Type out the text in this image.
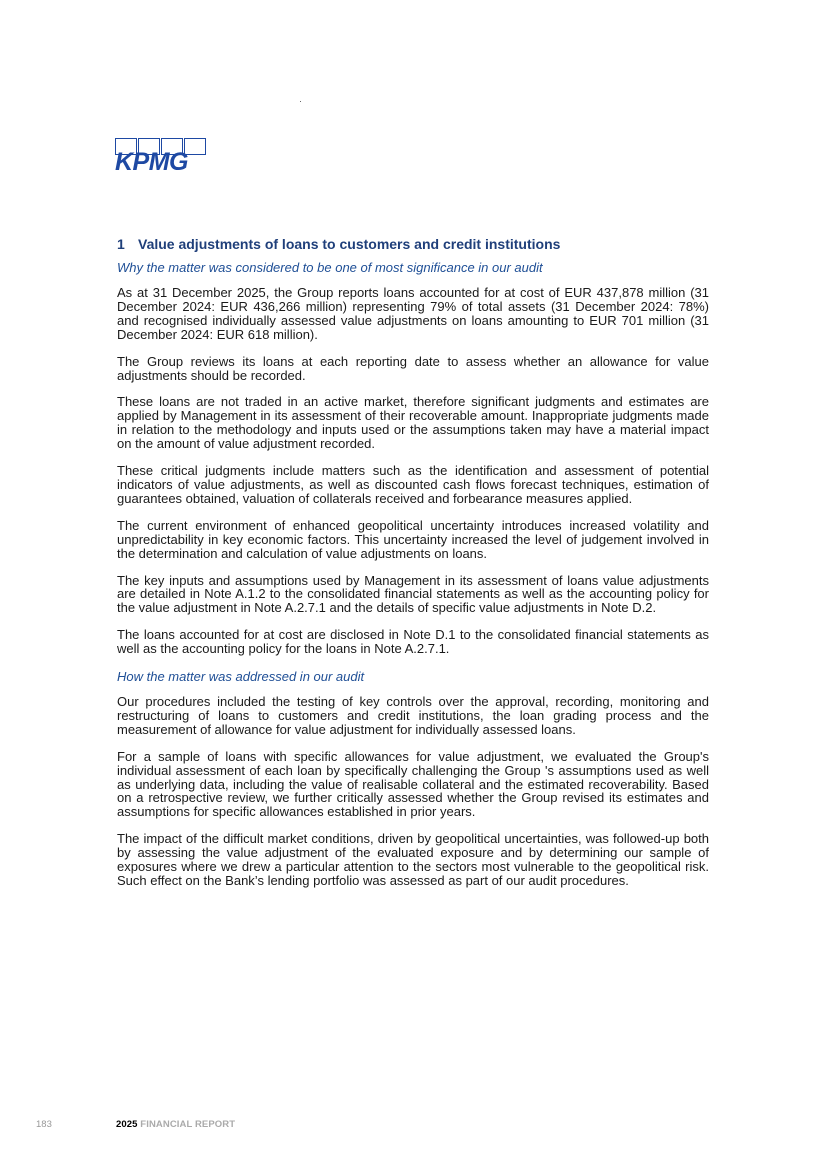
KPMG
1 Value adjustments of loans to customers and credit institutions
Why the matter was considered to be one of most significance in our audit

As at 31 December 2025, the Group reports loans accounted for at cost of EUR 437,878 million (31 December 2024: EUR 436,266 million) representing 79% of total assets (31 December 2024: 78%) and recognised individually assessed value adjustments on loans amounting to EUR 701 million (31 December 2024: EUR 618 million).

The Group reviews its loans at each reporting date to assess whether an allowance for value adjustments should be recorded.

These loans are not traded in an active market, therefore significant judgments and estimates are applied by Management in its assessment of their recoverable amount. Inappropriate judgments made in relation to the methodology and inputs used or the assumptions taken may have a material impact on the amount of value adjustment recorded.

These critical judgments include matters such as the identification and assessment of potential indicators of value adjustments, as well as discounted cash flows forecast techniques, estimation of guarantees obtained, valuation of collaterals received and forbearance measures applied.

The current environment of enhanced geopolitical uncertainty introduces increased volatility and unpredictability in key economic factors. This uncertainty increased the level of judgement involved in the determination and calculation of value adjustments on loans.

The key inputs and assumptions used by Management in its assessment of loans value adjustments are detailed in Note A.1.2 to the consolidated financial statements as well as the accounting policy for the value adjustment in Note A.2.7.1 and the details of specific value adjustments in Note D.2.

The loans accounted for at cost are disclosed in Note D.1 to the consolidated financial statements as well as the accounting policy for the loans in Note A.2.7.1.

How the matter was addressed in our audit

Our procedures included the testing of key controls over the approval, recording, monitoring and restructuring of loans to customers and credit institutions, the loan grading process and the measurement of allowance for value adjustment for individually assessed loans.

For a sample of loans with specific allowances for value adjustment, we evaluated the Group's individual assessment of each loan by specifically challenging the Group 's assumptions used as well as underlying data, including the value of realisable collateral and the estimated recoverability. Based on a retrospective review, we further critically assessed whether the Group revised its estimates and assumptions for specific allowances established in prior years.

The impact of the difficult market conditions, driven by geopolitical uncertainties, was followed-up both by assessing the value adjustment of the evaluated exposure and by determining our sample of exposures where we drew a particular attention to the sectors most vulnerable to the geopolitical risk. Such effect on the Bank’s lending portfolio was assessed as part of our audit procedures.

183	2025 FINANCIAL REPORT
